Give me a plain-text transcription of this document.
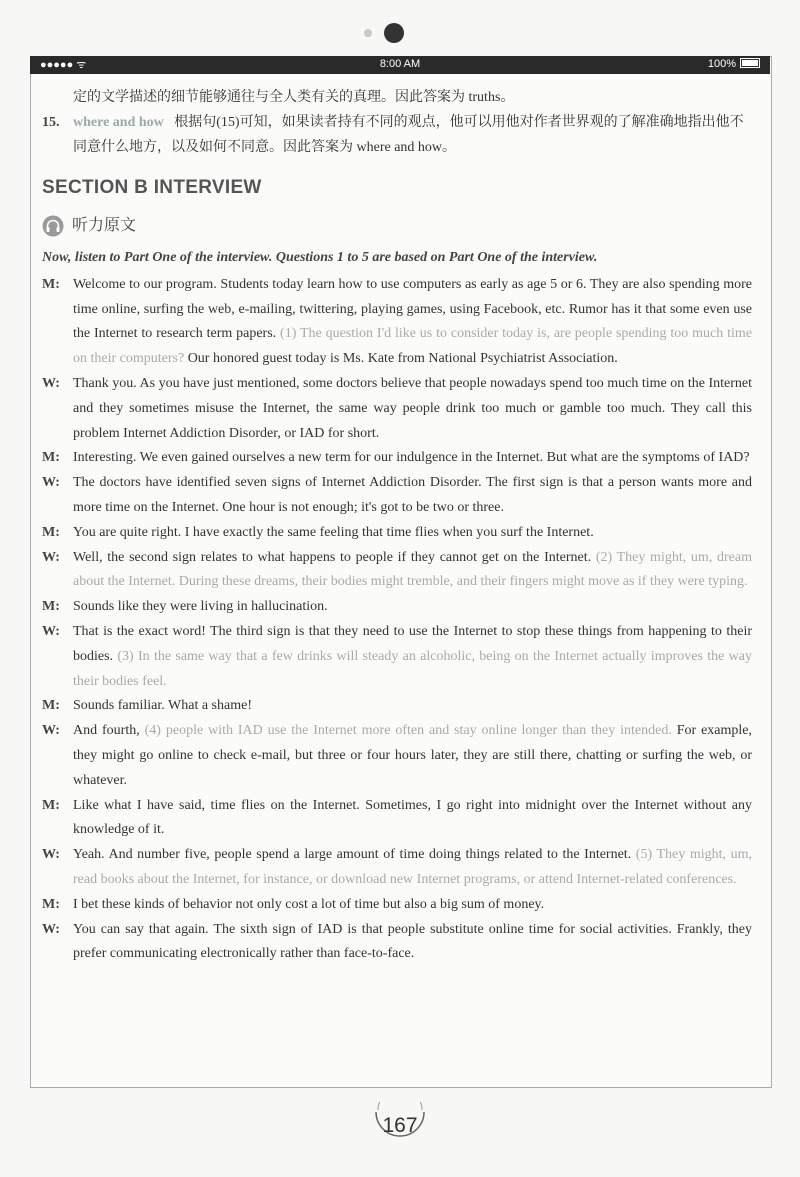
●●●●● ᯤ	8:00 AM	100%
定的文学描述的细节能够通往与全人类有关的真理。因此答案为 truths。
15. where and how 根据句(15)可知，如果读者持有不同的观点，他可以用他对作者世界观的了解准确地指出他不同意什么地方，以及如何不同意。因此答案为 where and how。
SECTION B INTERVIEW
听力原文
Now, listen to Part One of the interview. Questions 1 to 5 are based on Part One of the interview.
M: Welcome to our program. Students today learn how to use computers as early as age 5 or 6. They are also spending more time online, surfing the web, e-mailing, twittering, playing games, using Facebook, etc. Rumor has it that some even use the Internet to research term papers. (1) The question I'd like us to consider today is, are people spending too much time on their computers? Our honored guest today is Ms. Kate from National Psychiatrist Association.
W: Thank you. As you have just mentioned, some doctors believe that people nowadays spend too much time on the Internet and they sometimes misuse the Internet, the same way people drink too much or gamble too much. They call this problem Internet Addiction Disorder, or IAD for short.
M: Interesting. We even gained ourselves a new term for our indulgence in the Internet. But what are the symptoms of IAD?
W: The doctors have identified seven signs of Internet Addiction Disorder. The first sign is that a person wants more and more time on the Internet. One hour is not enough; it's got to be two or three.
M: You are quite right. I have exactly the same feeling that time flies when you surf the Internet.
W: Well, the second sign relates to what happens to people if they cannot get on the Internet. (2) They might, um, dream about the Internet. During these dreams, their bodies might tremble, and their fingers might move as if they were typing.
M: Sounds like they were living in hallucination.
W: That is the exact word! The third sign is that they need to use the Internet to stop these things from happening to their bodies. (3) In the same way that a few drinks will steady an alcoholic, being on the Internet actually improves the way their bodies feel.
M: Sounds familiar. What a shame!
W: And fourth, (4) people with IAD use the Internet more often and stay online longer than they intended. For example, they might go online to check e-mail, but three or four hours later, they are still there, chatting or surfing the web, or whatever.
M: Like what I have said, time flies on the Internet. Sometimes, I go right into midnight over the Internet without any knowledge of it.
W: Yeah. And number five, people spend a large amount of time doing things related to the Internet. (5) They might, um, read books about the Internet, for instance, or download new Internet programs, or attend Internet-related conferences.
M: I bet these kinds of behavior not only cost a lot of time but also a big sum of money.
W: You can say that again. The sixth sign of IAD is that people substitute online time for social activities. Frankly, they prefer communicating electronically rather than face-to-face.
167
